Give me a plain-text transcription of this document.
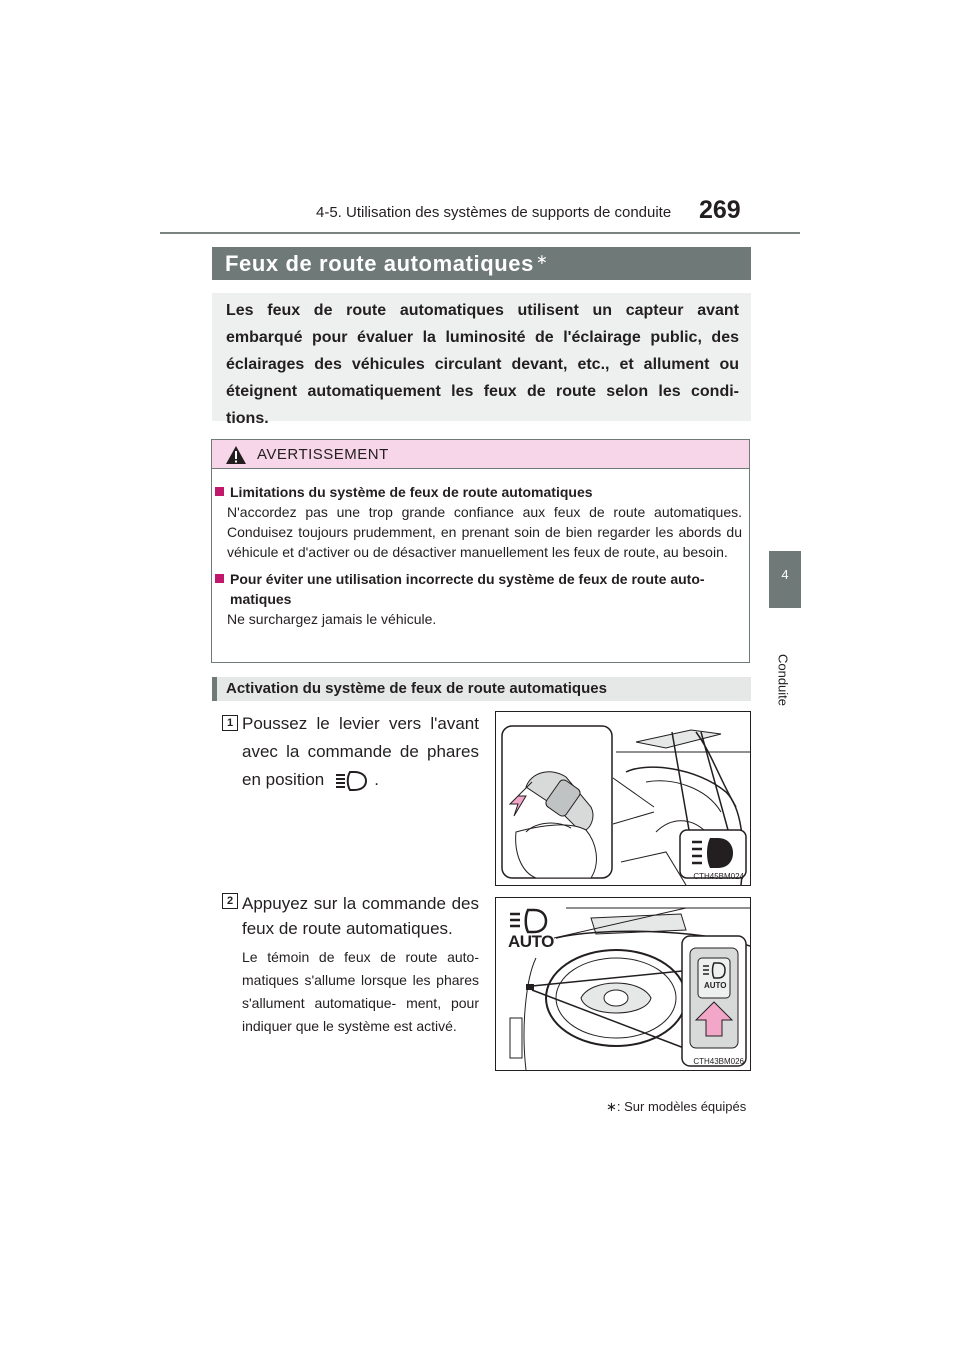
4-5. Utilisation des systèmes de supports de conduite 269
4
Conduite
Feux de route automatiques ∗
Les feux de route automatiques utilisent un capteur avant embarqué pour évaluer la luminosité de l'éclairage public, des éclairages des véhicules circulant devant, etc., et allument ou éteignent automatiquement les feux de route selon les condi- tions.
AVERTISSEMENT
Limitations du système de feux de route automatiques
N'accordez pas une trop grande confiance aux feux de route automatiques. Conduisez toujours prudemment, en prenant soin de bien regarder les abords du véhicule et d'activer ou de désactiver manuellement les feux de route, au besoin.
Pour éviter une utilisation incorrecte du système de feux de route auto- matiques
Ne surchargez jamais le véhicule.
Activation du système de feux de route automatiques
1 Poussez le levier vers l'avant avec la commande de phares en position	.
CTH45BM024
2 Appuyez sur la commande des feux de route automatiques.
Le témoin de feux de route auto- matiques s'allume lorsque les phares s'allument automatique- ment, pour indiquer que le système est activé.
AUTO
AUTO
CTH43BM026
∗: Sur modèles équipés
